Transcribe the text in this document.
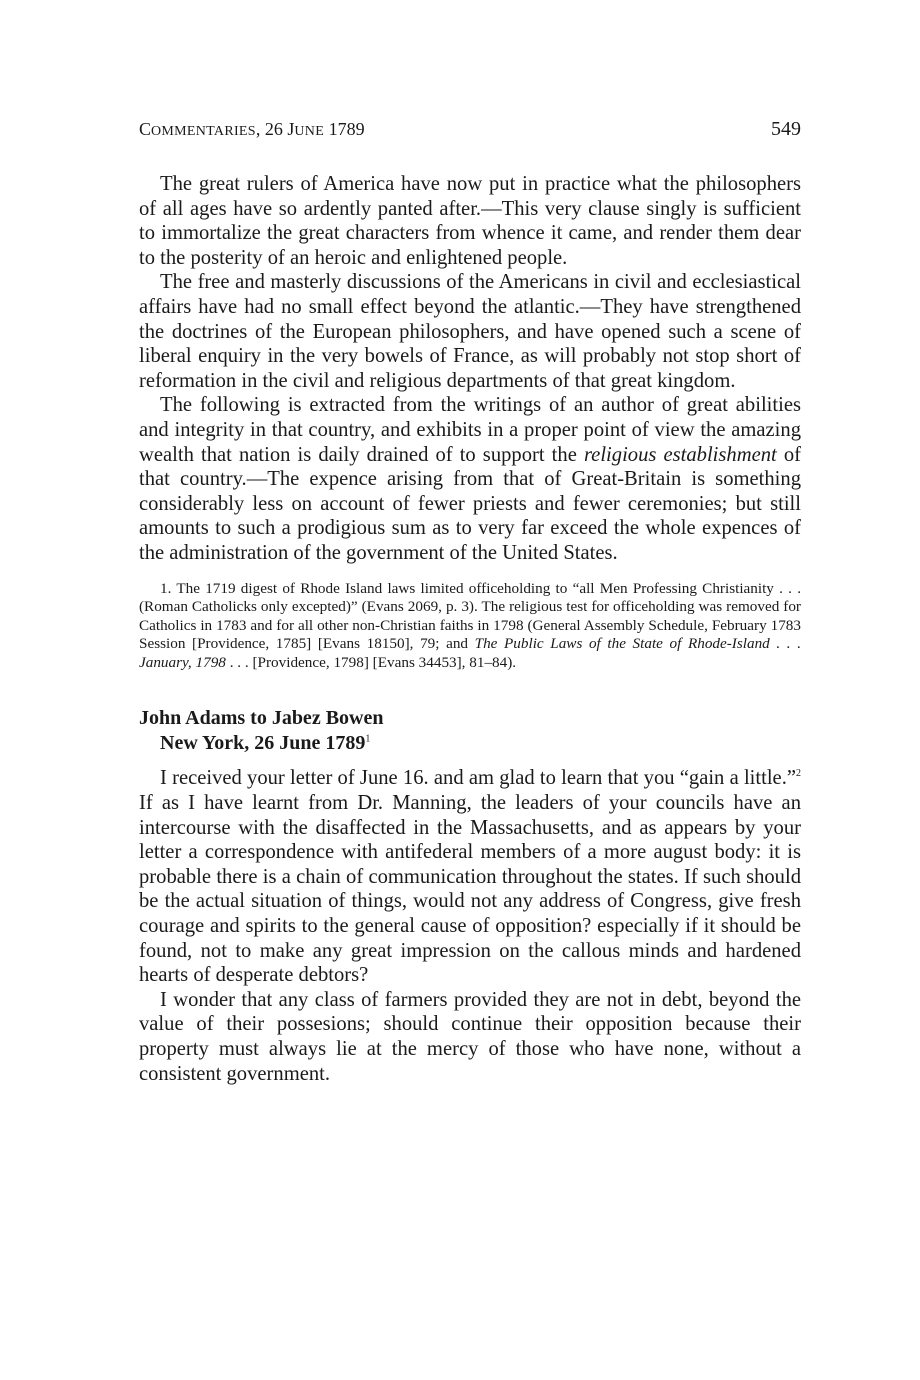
COMMENTARIES, 26 JUNE 1789	549

The great rulers of America have now put in practice what the philosophers of all ages have so ardently panted after.—This very clause singly is sufficient to immortalize the great characters from whence it came, and render them dear to the posterity of an heroic and enlightened people.

The free and masterly discussions of the Americans in civil and ecclesiastical affairs have had no small effect beyond the atlantic.—They have strengthened the doctrines of the European philosophers, and have opened such a scene of liberal enquiry in the very bowels of France, as will probably not stop short of reformation in the civil and religious departments of that great kingdom.

The following is extracted from the writings of an author of great abilities and integrity in that country, and exhibits in a proper point of view the amazing wealth that nation is daily drained of to support the religious establishment of that country.—The expence arising from that of Great-Britain is something considerably less on account of fewer priests and fewer ceremonies; but still amounts to such a prodigious sum as to very far exceed the whole expences of the administration of the government of the United States.

1. The 1719 digest of Rhode Island laws limited officeholding to “all Men Professing Christianity . . . (Roman Catholicks only excepted)” (Evans 2069, p. 3). The religious test for officeholding was removed for Catholics in 1783 and for all other non-Christian faiths in 1798 (General Assembly Schedule, February 1783 Session [Providence, 1785] [Evans 18150], 79; and The Public Laws of the State of Rhode-Island . . . January, 1798 . . . [Providence, 1798] [Evans 34453], 81–84).
John Adams to Jabez Bowen
New York, 26 June 1789$^1$

I received your letter of June 16. and am glad to learn that you “gain a little.”$^2$ If as I have learnt from Dr. Manning, the leaders of your councils have an intercourse with the disaffected in the Massachusetts, and as appears by your letter a correspondence with antifederal members of a more august body: it is probable there is a chain of communication throughout the states. If such should be the actual situation of things, would not any address of Congress, give fresh courage and spirits to the general cause of opposition? especially if it should be found, not to make any great impression on the callous minds and hardened hearts of desperate debtors?

I wonder that any class of farmers provided they are not in debt, beyond the value of their possesions; should continue their opposition because their property must always lie at the mercy of those who have none, without a consistent government.
